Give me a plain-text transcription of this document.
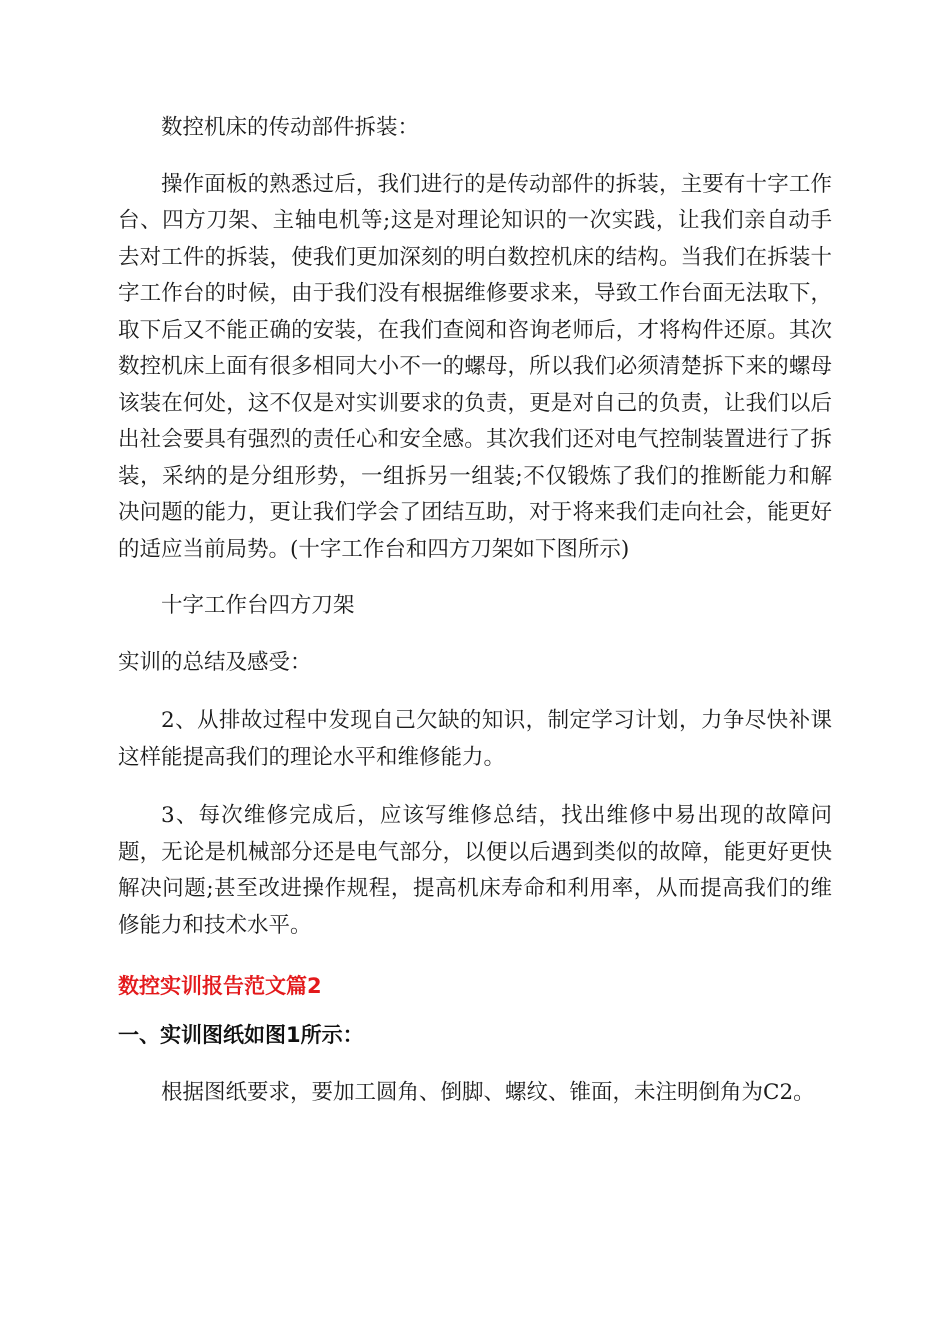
数控机床的传动部件拆装：

操作面板的熟悉过后，我们进行的是传动部件的拆装，主要有十字工作台、四方刀架、主轴电机等;这是对理论知识的一次实践，让我们亲自动手去对工件的拆装，使我们更加深刻的明白数控机床的结构。当我们在拆装十字工作台的时候，由于我们没有根据维修要求来，导致工作台面无法取下，取下后又不能正确的安装，在我们查阅和咨询老师后，才将构件还原。其次数控机床上面有很多相同大小不一的螺母，所以我们必须清楚拆下来的螺母该装在何处，这不仅是对实训要求的负责，更是对自己的负责，让我们以后出社会要具有强烈的责任心和安全感。其次我们还对电气控制装置进行了拆装，采纳的是分组形势，一组拆另一组装;不仅锻炼了我们的推断能力和解决问题的能力，更让我们学会了团结互助，对于将来我们走向社会，能更好的适应当前局势。(十字工作台和四方刀架如下图所示)

十字工作台四方刀架

实训的总结及感受：

2、从排故过程中发现自己欠缺的知识，制定学习计划，力争尽快补课这样能提高我们的理论水平和维修能力。

3、每次维修完成后，应该写维修总结，找出维修中易出现的故障问题，无论是机械部分还是电气部分，以便以后遇到类似的故障，能更好更快解决问题;甚至改进操作规程，提高机床寿命和利用率，从而提高我们的维修能力和技术水平。

数控实训报告范文篇2

一、实训图纸如图1所示：

根据图纸要求，要加工圆角、倒脚、螺纹、锥面，未注明倒角为C2。
